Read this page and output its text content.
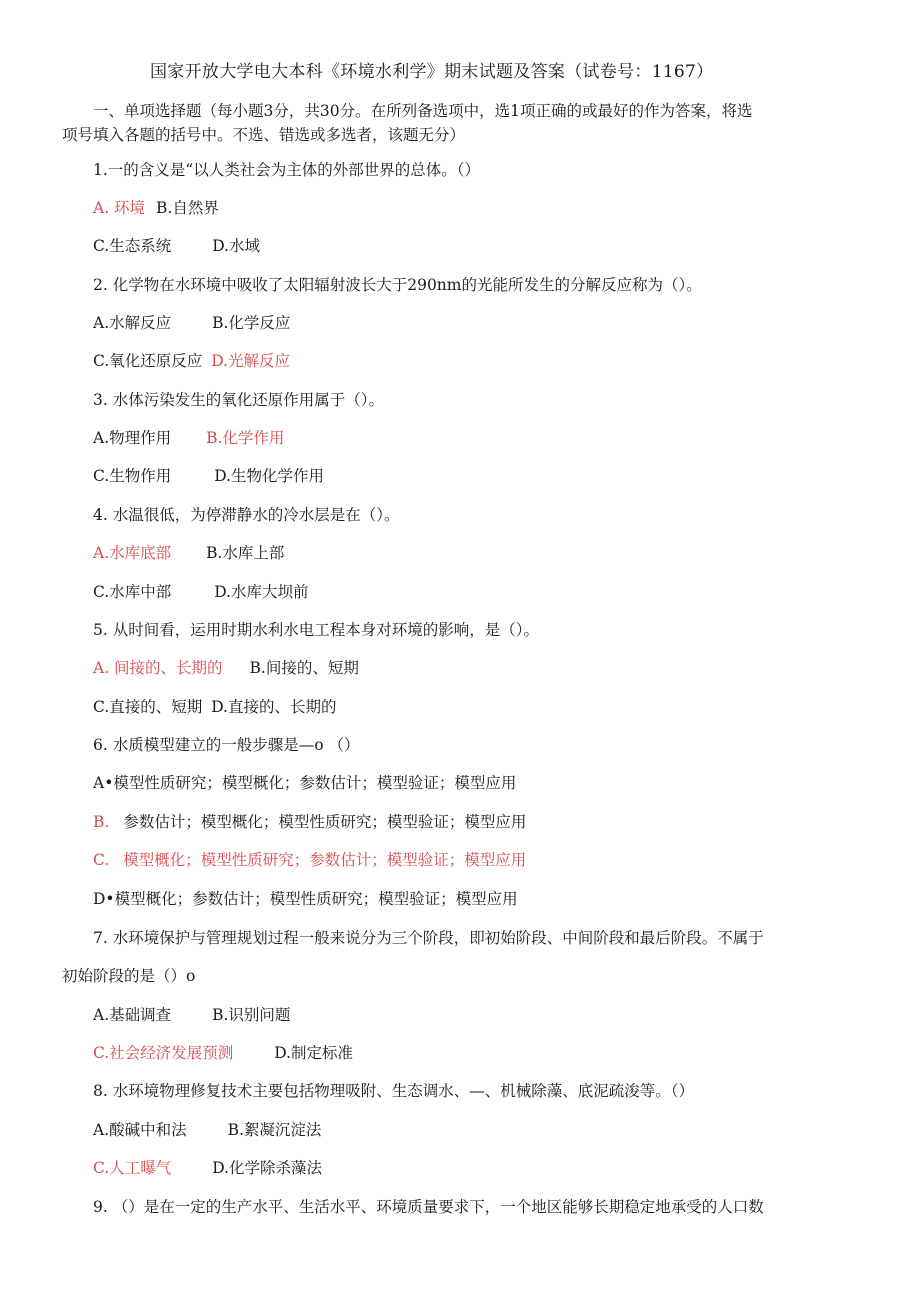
国家开放大学电大本科《环境水利学》期末试题及答案（试卷号：1167）
一、单项选择题（每小题3分，共30分。在所列备选项中，选1项正确的或最好的作为答案，将选
项号填入各题的括号中。不选、错选或多选者，该题无分）
1.一的含义是“以人类社会为主体的外部世界的总体。（）
A. 环境 B.自然界
C.生态系统	D.水域
2. 化学物在水环境中吸收了太阳辐射波长大于290nm的光能所发生的分解反应称为（）。
A.水解反应	B.化学反应
C.氧化还原反应 D.光解反应
3. 水体污染发生的氧化还原作用属于（）。
A.物理作用 B.化学作用
C.生物作用	D.生物化学作用
4. 水温很低，为停滞静水的冷水层是在（）。
A.水库底部 B.水库上部
C.水库中部	D.水库大坝前
5. 从时间看，运用时期水利水电工程本身对环境的影响，是（）。
A. 间接的、长期的 B.间接的、短期
C.直接的、短期 D.直接的、长期的
6. 水质模型建立的一般步骤是—o （）
A•模型性质研究；模型概化；参数估计；模型验证；模型应用
B. 参数估计；模型概化；模型性质研究；模型验证；模型应用
C. 模型概化；模型性质研究；参数估计；模型验证；模型应用
D•模型概化；参数估计；模型性质研究；模型验证；模型应用
7. 水环境保护与管理规划过程一般来说分为三个阶段，即初始阶段、中间阶段和最后阶段。不属于
初始阶段的是（）o
A.基础调查	B.识别问题
C.社会经济发展预测	D.制定标准
8. 水环境物理修复技术主要包括物理吸附、生态调水、—、机械除藻、底泥疏浚等。（）
A.酸碱中和法	B.絮凝沉淀法
C.人工曝气	D.化学除杀藻法
9. （）是在一定的生产水平、生活水平、环境质量要求下，一个地区能够长期稳定地承受的人口数
